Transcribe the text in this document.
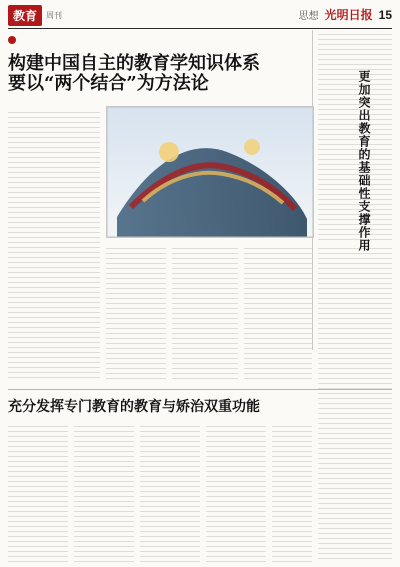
教育	周刊	思想 光明日报 15
构建中国自主的教育学知识体系
要以“两个结合”为方法论	更加突出教育的基础性支撑作用
充分发挥专门教育的教育与矫治双重功能
